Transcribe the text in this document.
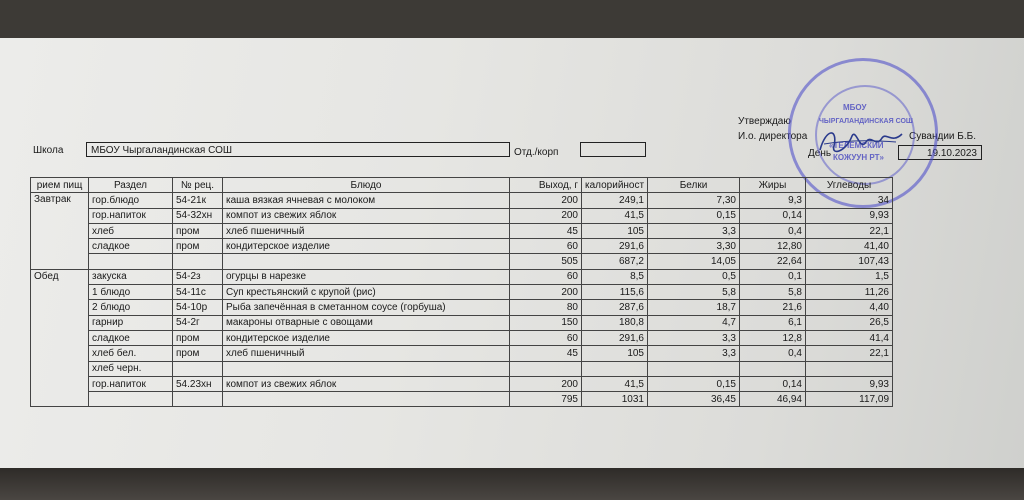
Утверждаю
И.о. директора	Сувандии Б.Б.
День	19.10.2023
Школа	МБОУ Чыргаландинская СОШ	Отд./корп
МБОУ
ЧЫРГАЛАНДИНСКАЯ СОШ
«ТЕЛЕМСКИЙ
КОЖУУН РТ»
рием пищ	Раздел	№ рец.	Блюдо	Выход, г	калорийност	Белки	Жиры	Углеводы
Завтрак	гор.блюдо	54-21к	каша вязкая ячневая с молоком	200	249,1	7,30	9,3	34
	гор.напиток	54-32хн	компот из свежих яблок	200	41,5	0,15	0,14	9,93
	хлеб	пром	хлеб пшеничный	45	105	3,3	0,4	22,1
	сладкое	пром	кондитерское изделие	60	291,6	3,30	12,80	41,40
				505	687,2	14,05	22,64	107,43
Обед	закуска	54-2з	огурцы в нарезке	60	8,5	0,5	0,1	1,5
	1 блюдо	54-11с	Суп крестьянский с крупой (рис)	200	115,6	5,8	5,8	11,26
	2 блюдо	54-10р	Рыба запечённая в сметанном соусе (горбуша)	80	287,6	18,7	21,6	4,40
	гарнир	54-2г	макароны отварные с овощами	150	180,8	4,7	6,1	26,5
	сладкое	пром	кондитерское изделие	60	291,6	3,3	12,8	41,4
	хлеб бел.	пром	хлеб пшеничный	45	105	3,3	0,4	22,1
	хлеб черн.							
	гор.напиток	54.23хн	компот из свежих яблок	200	41,5	0,15	0,14	9,93
				795	1031	36,45	46,94	117,09
